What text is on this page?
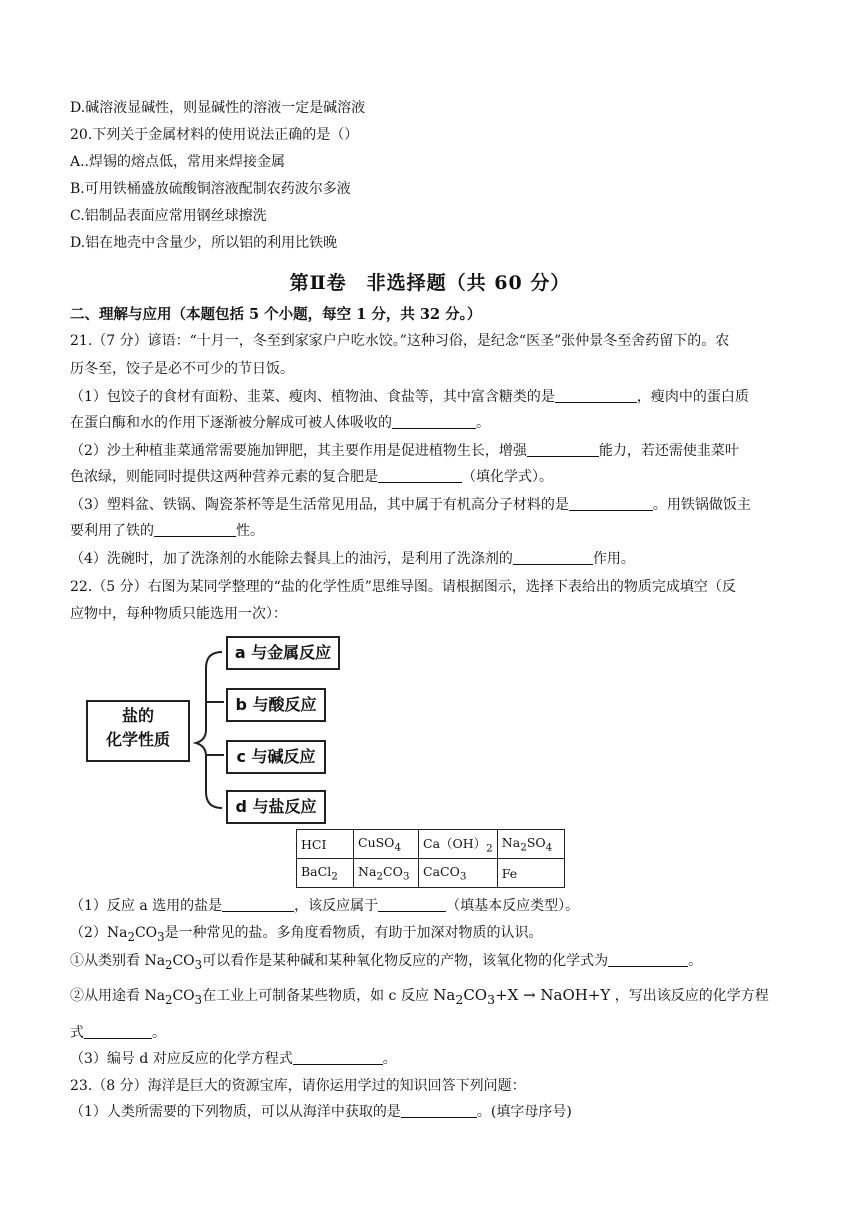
D.碱溶液显碱性，则显碱性的溶液一定是碱溶液
20.下列关于金属材料的使用说法正确的是（）
A..焊锡的熔点低，常用来焊接金属
B.可用铁桶盛放硫酸铜溶液配制农药波尔多液
C.铝制品表面应常用钢丝球擦洗
D.铝在地壳中含量少，所以铝的利用比铁晚
第Ⅱ卷　非选择题（共 60 分）
二、理解与应用（本题包括 5 个小题，每空 1 分，共 32 分。）
21.（7 分）谚语：“十月一，冬至到家家户户吃水饺。”这种习俗，是纪念“医圣”张仲景冬至舍药留下的。农
历冬至，饺子是必不可少的节日饭。
（1）包饺子的食材有面粉、韭菜、瘦肉、植物油、食盐等，其中富含糖类的是	，瘦肉中的蛋白质
在蛋白酶和水的作用下逐渐被分解成可被人体吸收的	。
（2）沙土种植韭菜通常需要施加钾肥，其主要作用是促进植物生长，增强	能力，若还需使韭菜叶
色浓绿，则能同时提供这两种营养元素的复合肥是	（填化学式）。
（3）塑料盆、铁锅、陶瓷茶杯等是生活常见用品，其中属于有机高分子材料的是	。用铁锅做饭主
要利用了铁的	性。
（4）洗碗时，加了洗涤剂的水能除去餐具上的油污，是利用了洗涤剂的	作用。
22.（5 分）右图为某同学整理的“盐的化学性质”思维导图。请根据图示，选择下表给出的物质完成填空（反
应物中，每种物质只能选用一次）：
盐的
化学性质
a 与金属反应
b 与酸反应
c 与碱反应
d 与盐反应
HCI	CuSO$_4$	$Ca(OH)_2$	$Na_2SO_4$
BaCl$_2$	$Na_2CO_3$	CaCO$_3$	Fe
（1）反应 a 选用的盐是	，该反应属于	（填基本反应类型）。
$(2)Na_2CO_3$是一种常见的盐。多角度看物质，有助于加深对物质的认识。
①从类别看 $Na_2CO_3$可以看作是某种碱和某种氧化物反应的产物，该氧化物的化学式为	。
②从用途看 $Na_2CO_3$在工业上可制备某些物质，如 c 反应 $Na_2CO_3+X$ → NaOH+Y ，写出该反应的化学方程
式	。
（3）编号 d 对应反应的化学方程式	。
23.（8 分）海洋是巨大的资源宝库，请你运用学过的知识回答下列问题：
（1）人类所需要的下列物质，可以从海洋中获取的是	。(填字母序号)
